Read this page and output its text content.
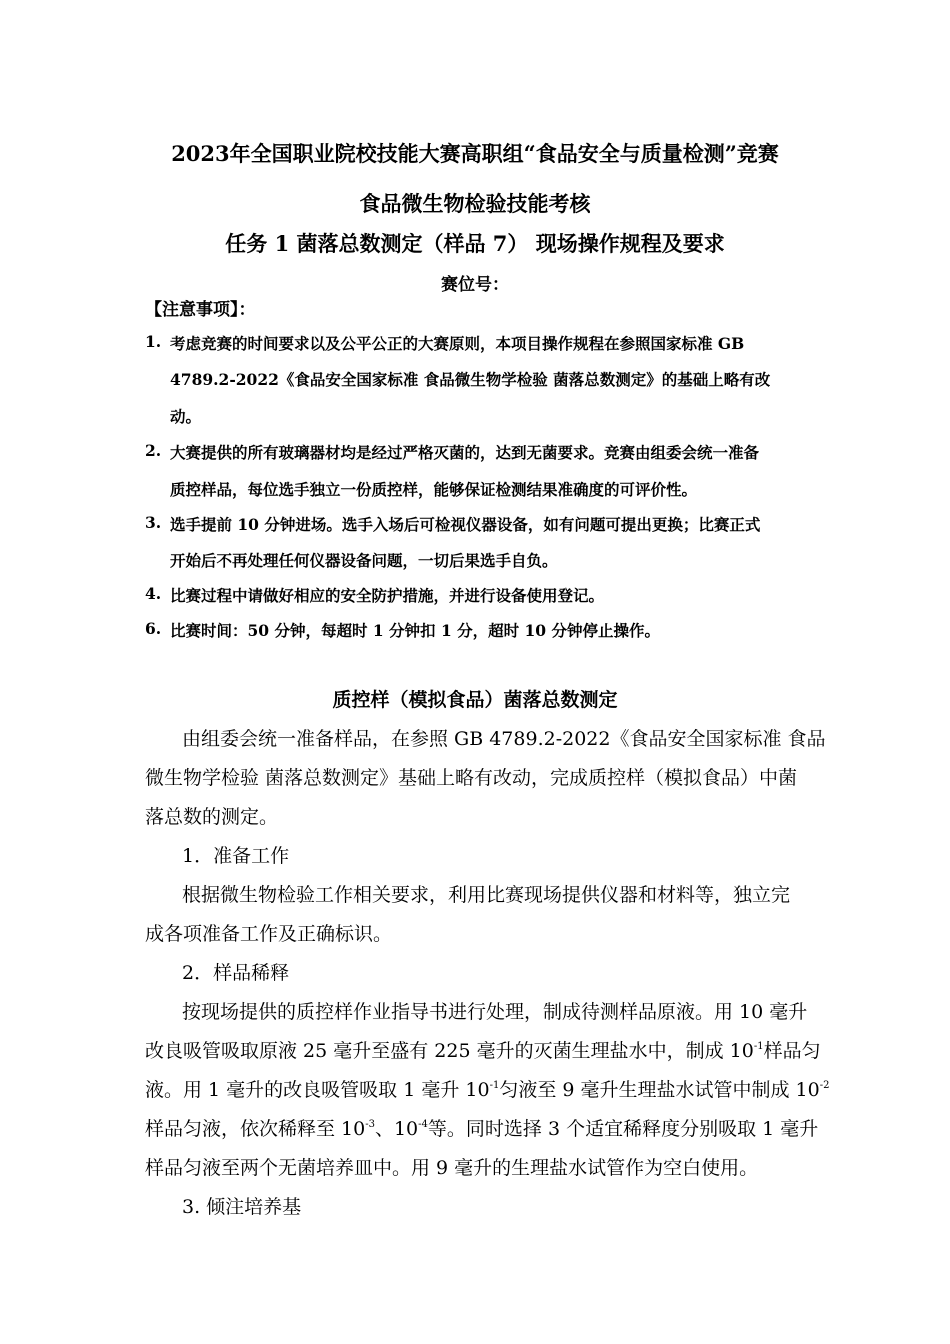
2023年全国职业院校技能大赛高职组“食品安全与质量检测”竞赛
食品微生物检验技能考核
任务 1 菌落总数测定（样品 7） 现场操作规程及要求
赛位号：
【注意事项】：
1. 考虑竞赛的时间要求以及公平公正的大赛原则，本项目操作规程在参照国家标准 GB
4789.2-2022《食品安全国家标准 食品微生物学检验 菌落总数测定》的基础上略有改
动。
2. 大赛提供的所有玻璃器材均是经过严格灭菌的，达到无菌要求。竞赛由组委会统一准备
质控样品，每位选手独立一份质控样，能够保证检测结果准确度的可评价性。
3. 选手提前 10 分钟进场。选手入场后可检视仪器设备，如有问题可提出更换；比赛正式
开始后不再处理任何仪器设备问题，一切后果选手自负。
4. 比赛过程中请做好相应的安全防护措施，并进行设备使用登记。
6. 比赛时间：50 分钟，每超时 1 分钟扣 1 分，超时 10 分钟停止操作。
质控样（模拟食品）菌落总数测定
由组委会统一准备样品，在参照 GB 4789.2-2022《食品安全国家标准 食品
微生物学检验 菌落总数测定》基础上略有改动，完成质控样（模拟食品）中菌
落总数的测定。
1．准备工作
根据微生物检验工作相关要求，利用比赛现场提供仪器和材料等，独立完
成各项准备工作及正确标识。
2．样品稀释
按现场提供的质控样作业指导书进行处理，制成待测样品原液。用 10 毫升
改良吸管吸取原液 25 毫升至盛有 225 毫升的灭菌生理盐水中，制成 $10^{-1}$样品匀
液。用 1 毫升的改良吸管吸取 1 毫升 $10^{-1}$匀液至 9 毫升生理盐水试管中制成 $10^{-2}$
样品匀液，依次稀释至 $10^{-3}$、$10^{-4}$等。同时选择 3 个适宜稀释度分别吸取 1 毫升
样品匀液至两个无菌培养皿中。用 9 毫升的生理盐水试管作为空白使用。
3. 倾注培养基
